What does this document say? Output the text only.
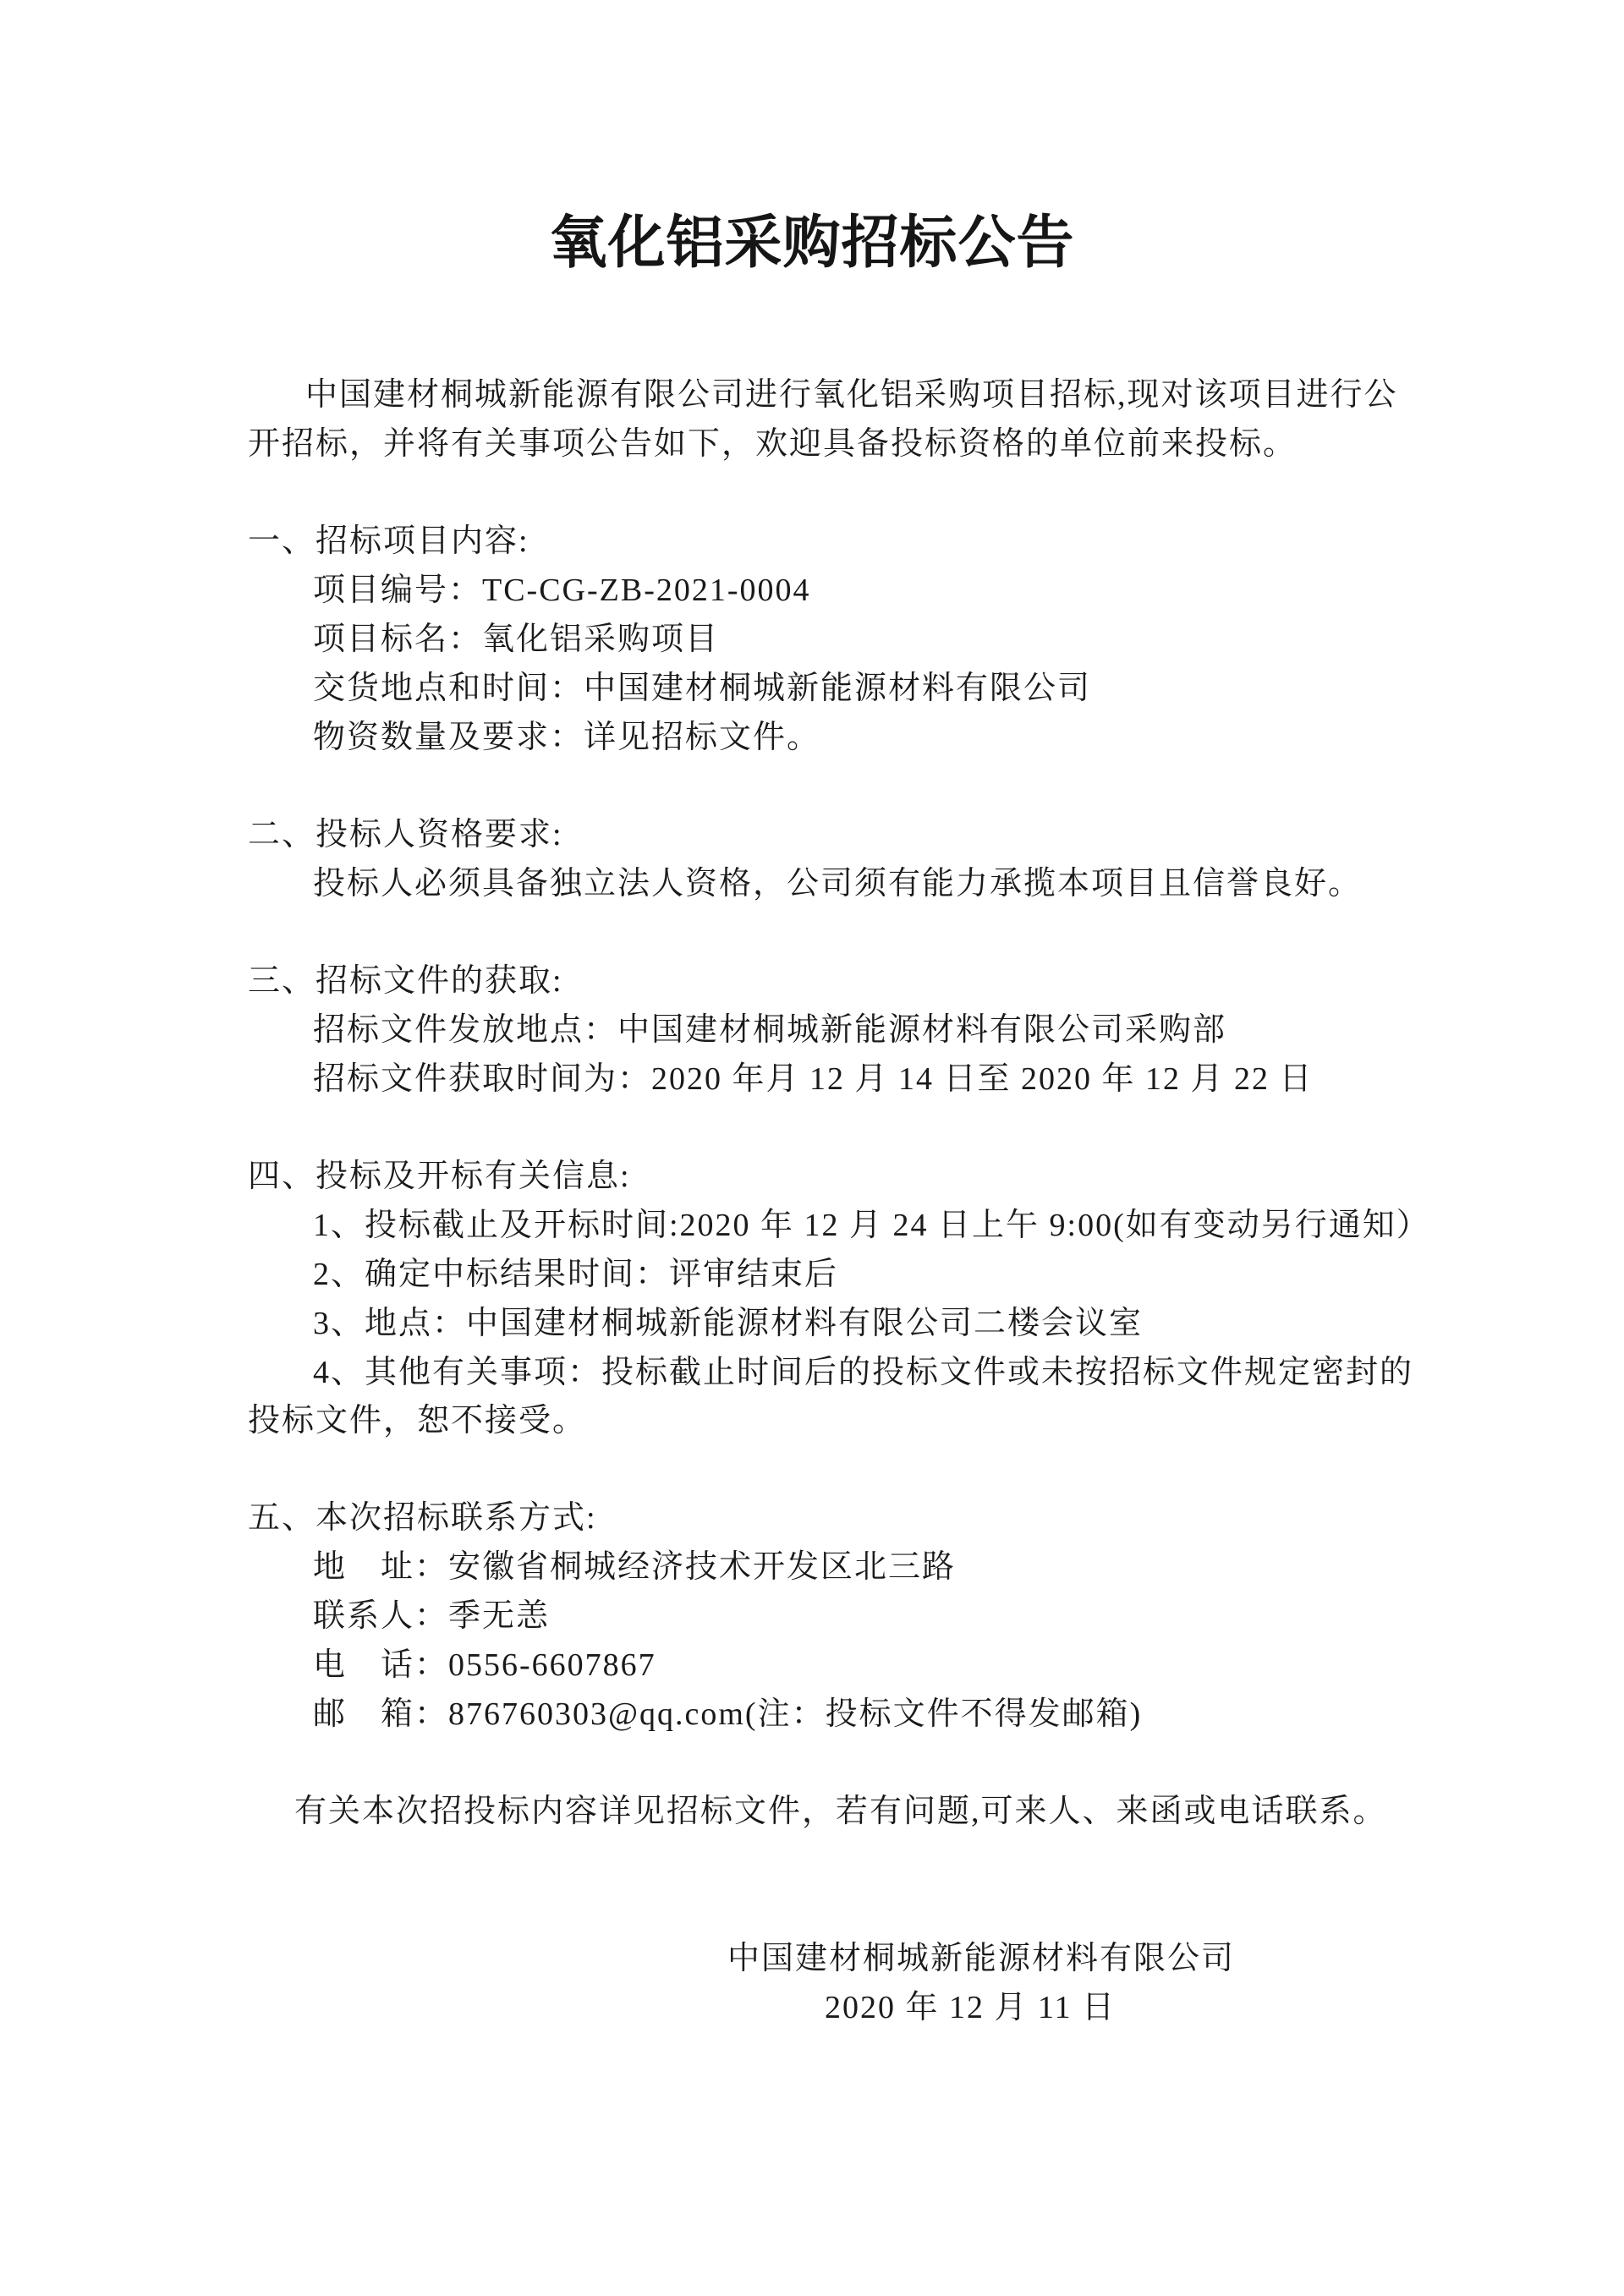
氧化铝采购招标公告
中国建材桐城新能源有限公司进行氧化铝采购项目招标,现对该项目进行公
开招标，并将有关事项公告如下，欢迎具备投标资格的单位前来投标。
一、招标项目内容:
项目编号：TC-CG-ZB-2021-0004
项目标名：氧化铝采购项目
交货地点和时间：中国建材桐城新能源材料有限公司
物资数量及要求：详见招标文件。
二、投标人资格要求:
投标人必须具备独立法人资格，公司须有能力承揽本项目且信誉良好。
三、招标文件的获取:
招标文件发放地点：中国建材桐城新能源材料有限公司采购部
招标文件获取时间为：2020 年月 12 月 14 日至 2020 年 12 月 22 日
四、投标及开标有关信息:
1、投标截止及开标时间:2020 年 12 月 24 日上午 9:00(如有变动另行通知）
2、确定中标结果时间：评审结束后
3、地点：中国建材桐城新能源材料有限公司二楼会议室
4、其他有关事项：投标截止时间后的投标文件或未按招标文件规定密封的
投标文件，恕不接受。
五、本次招标联系方式:
地　址：安徽省桐城经济技术开发区北三路
联系人：季无恙
电　话：0556-6607867
邮　箱：876760303@qq.com(注：投标文件不得发邮箱)
有关本次招投标内容详见招标文件，若有问题,可来人、来函或电话联系。
中国建材桐城新能源材料有限公司
2020 年 12 月 11 日
